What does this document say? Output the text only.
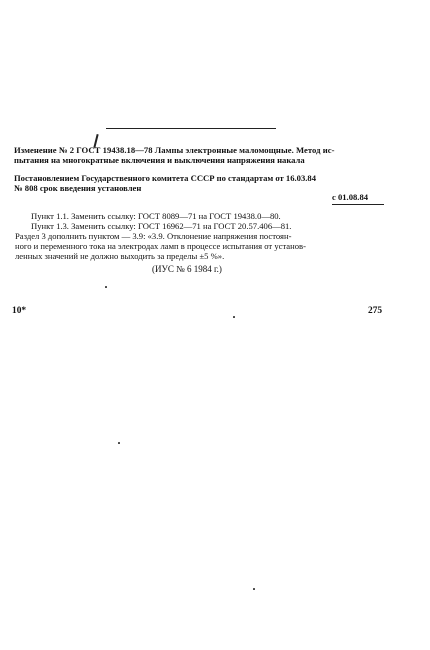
Изменение № 2 ГОСТ 19438.18—78 Лампы электронные маломощные. Метод ис-
пытания на многократные включения и выключения напряжения накала
Постановлением Государственного комитета СССР по стандартам от 16.03.84
№ 808 срок введения установлен
с 01.08.84
Пункт 1.1. Заменить ссылку: ГОСТ 8089—71 на ГОСТ 19438.0—80.
Пункт 1.3. Заменить ссылку: ГОСТ 16962—71 на ГОСТ 20.57.406—81.
Раздел 3 дополнить пунктом — 3.9: «3.9. Отклонение напряжения постоян-
ного и переменного тока на электродах ламп в процессе испытания от установ-
ленных значений не должно выходить за пределы ±5 %».
(ИУС № 6 1984 г.)
10*	275
